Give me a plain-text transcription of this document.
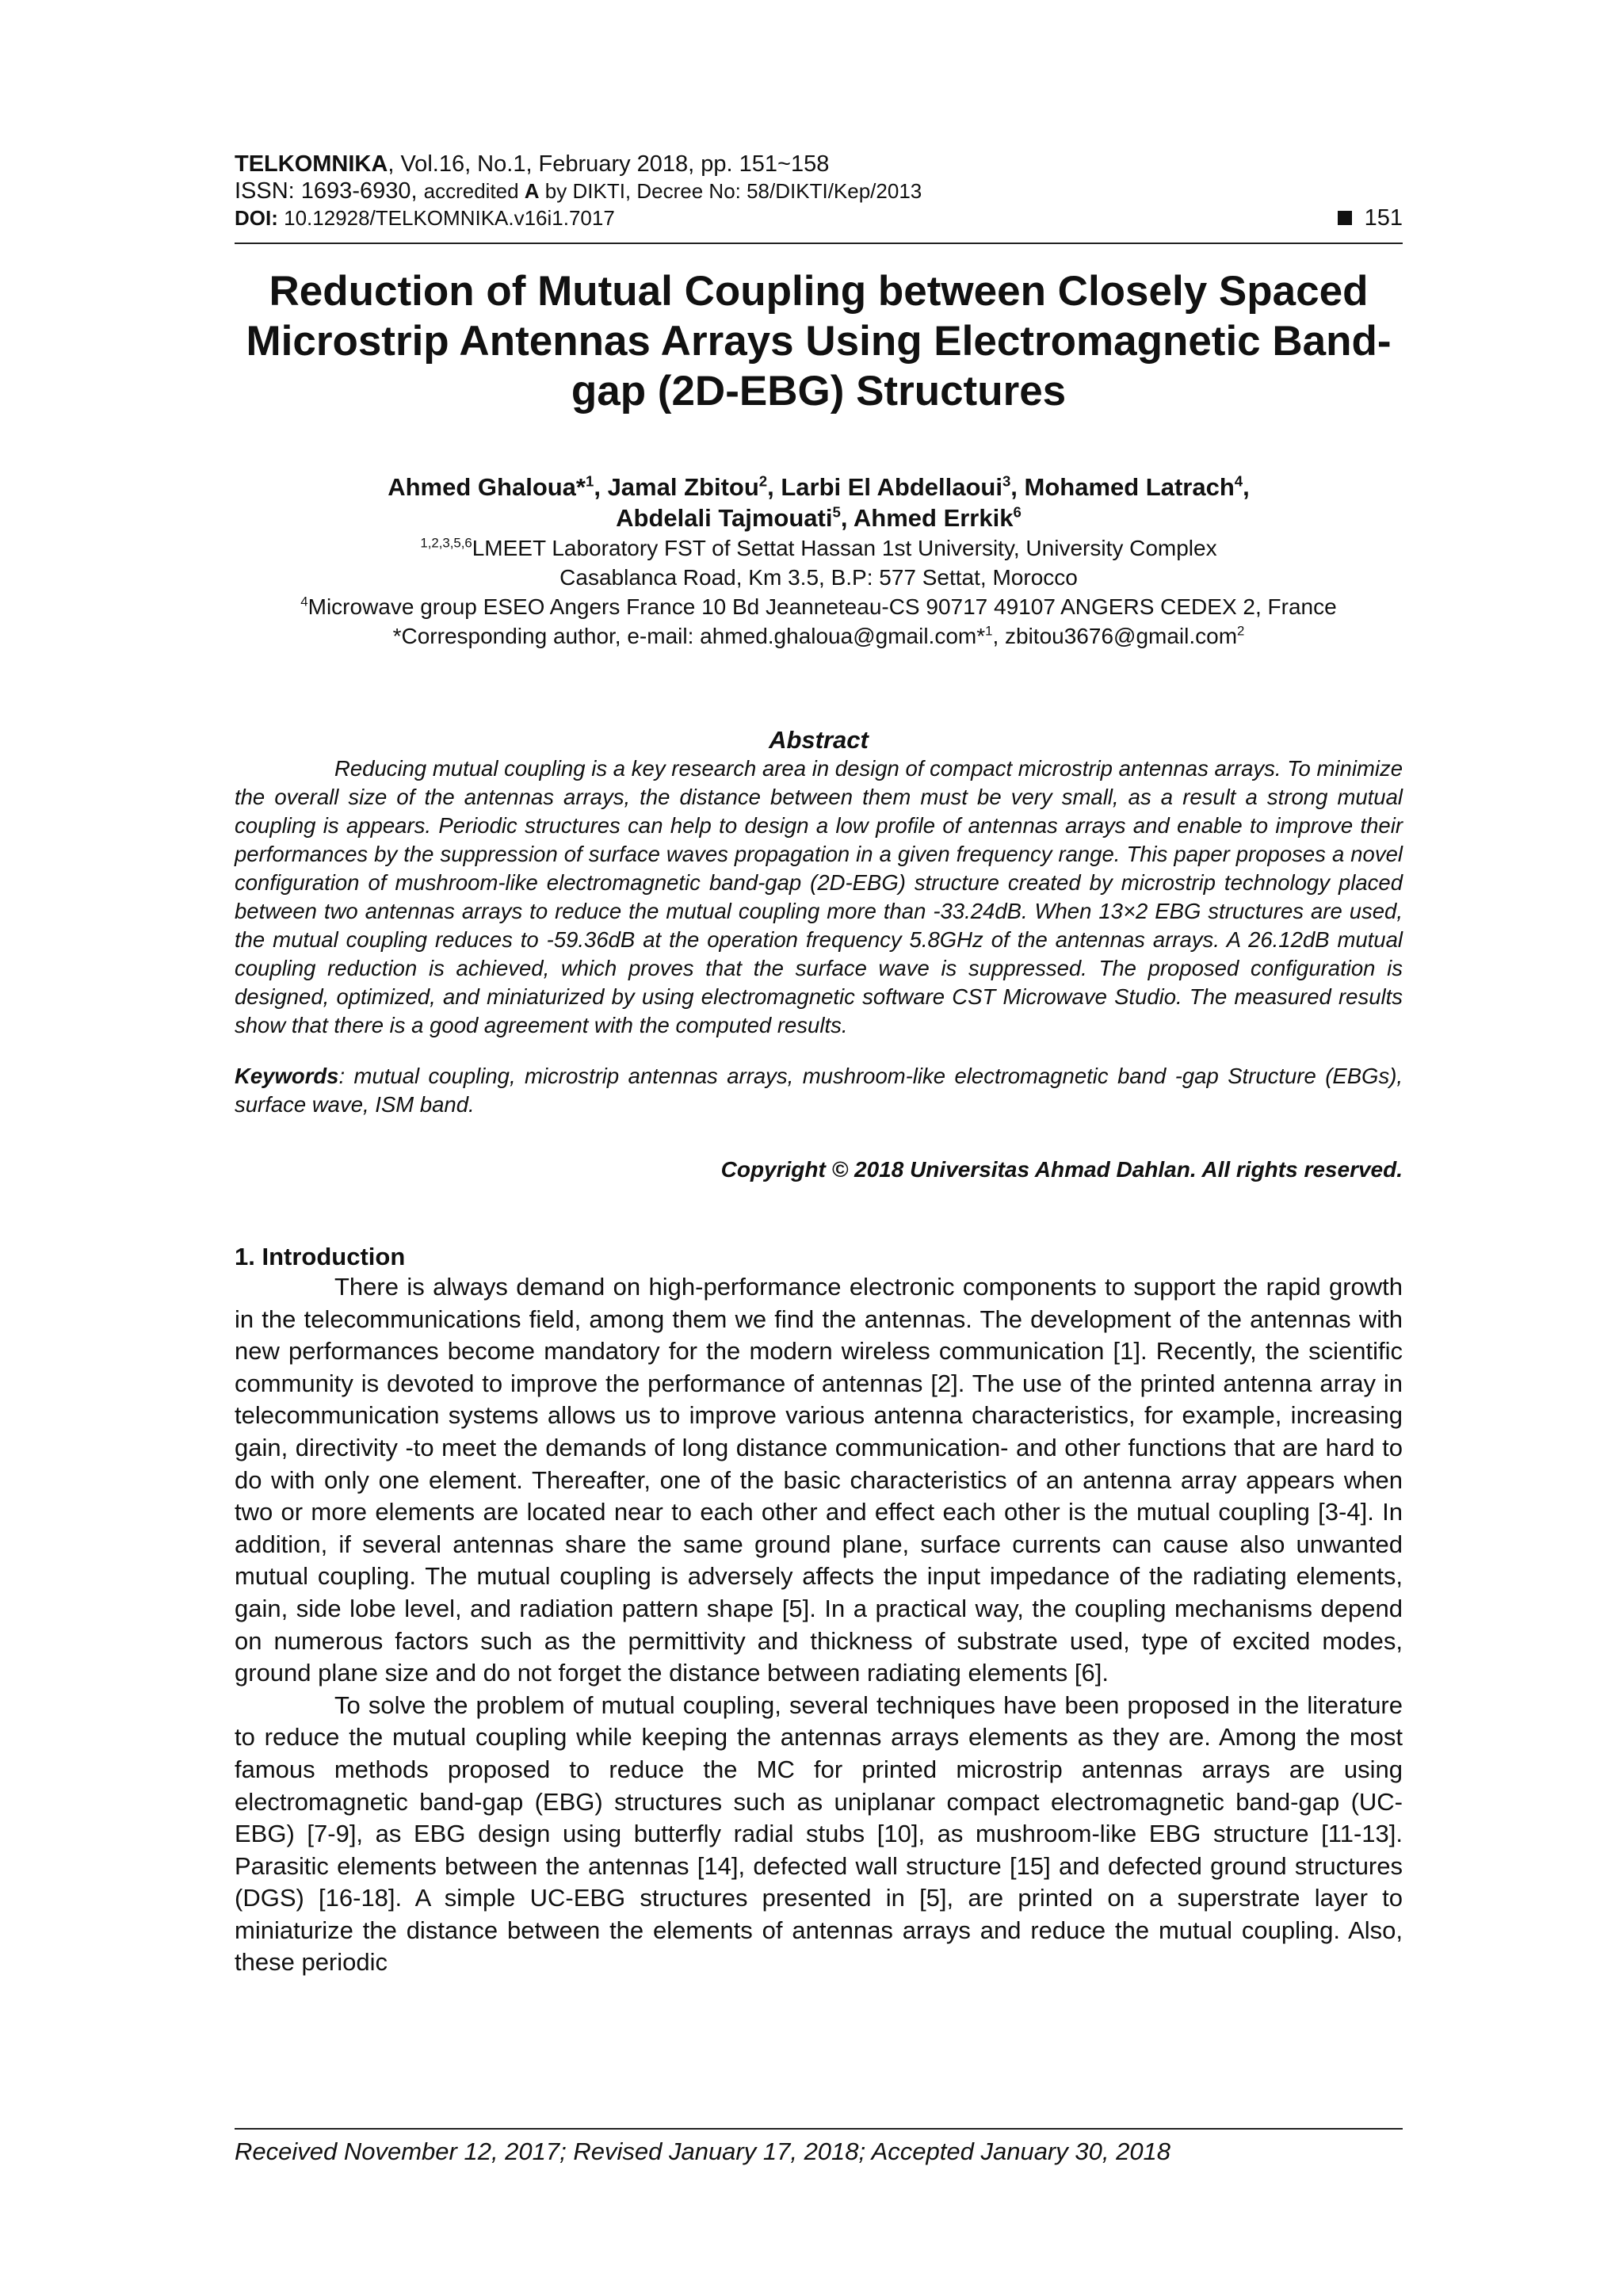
TELKOMNIKA, Vol.16, No.1, February 2018, pp. 151~158
ISSN: 1693-6930, accredited A by DIKTI, Decree No: 58/DIKTI/Kep/2013
DOI: 10.12928/TELKOMNIKA.v16i1.7017	151
Reduction of Mutual Coupling between Closely Spaced Microstrip Antennas Arrays Using Electromagnetic Band-gap (2D-EBG) Structures
Ahmed Ghaloua*$^1$, Jamal Zbitou$^2$, Larbi El Abdellaoui$^3$, Mohamed Latrach$^4$,
Abdelali Tajmouati$^5$, Ahmed Errkik$^6$
$^{1,2,3,5,6}$LMEET Laboratory FST of Settat Hassan 1st University, University Complex
Casablanca Road, Km 3.5, B.P: 577 Settat, Morocco
$^4$Microwave group ESEO Angers France 10 Bd Jeanneteau-CS 90717 49107 ANGERS CEDEX 2, France
*Corresponding author, e-mail: ahmed.ghaloua@gmail.com*$^1$, zbitou3676@gmail.com$^2$
Abstract

Reducing mutual coupling is a key research area in design of compact microstrip antennas arrays. To minimize the overall size of the antennas arrays, the distance between them must be very small, as a result a strong mutual coupling is appears. Periodic structures can help to design a low profile of antennas arrays and enable to improve their performances by the suppression of surface waves propagation in a given frequency range. This paper proposes a novel configuration of mushroom-like electromagnetic band-gap (2D-EBG) structure created by microstrip technology placed between two antennas arrays to reduce the mutual coupling more than -33.24dB. When 13×2 EBG structures are used, the mutual coupling reduces to -59.36dB at the operation frequency 5.8GHz of the antennas arrays. A 26.12dB mutual coupling reduction is achieved, which proves that the surface wave is suppressed. The proposed configuration is designed, optimized, and miniaturized by using electromagnetic software CST Microwave Studio. The measured results show that there is a good agreement with the computed results.

Keywords: mutual coupling, microstrip antennas arrays, mushroom-like electromagnetic band -gap Structure (EBGs), surface wave, ISM band.

Copyright © 2018 Universitas Ahmad Dahlan. All rights reserved.
1. Introduction

There is always demand on high-performance electronic components to support the rapid growth in the telecommunications field, among them we find the antennas. The development of the antennas with new performances become mandatory for the modern wireless communication [1]. Recently, the scientific community is devoted to improve the performance of antennas [2]. The use of the printed antenna array in telecommunication systems allows us to improve various antenna characteristics, for example, increasing gain, directivity -to meet the demands of long distance communication- and other functions that are hard to do with only one element. Thereafter, one of the basic characteristics of an antenna array appears when two or more elements are located near to each other and effect each other is the mutual coupling [3-4]. In addition, if several antennas share the same ground plane, surface currents can cause also unwanted mutual coupling. The mutual coupling is adversely affects the input impedance of the radiating elements, gain, side lobe level, and radiation pattern shape [5]. In a practical way, the coupling mechanisms depend on numerous factors such as the permittivity and thickness of substrate used, type of excited modes, ground plane size and do not forget the distance between radiating elements [6].

To solve the problem of mutual coupling, several techniques have been proposed in the literature to reduce the mutual coupling while keeping the antennas arrays elements as they are. Among the most famous methods proposed to reduce the MC for printed microstrip antennas arrays are using electromagnetic band-gap (EBG) structures such as uniplanar compact electromagnetic band-gap (UC-EBG) [7-9], as EBG design using butterfly radial stubs [10], as mushroom-like EBG structure [11-13]. Parasitic elements between the antennas [14], defected wall structure [15] and defected ground structures (DGS) [16-18]. A simple UC-EBG structures presented in [5], are printed on a superstrate layer to miniaturize the distance between the elements of antennas arrays and reduce the mutual coupling. Also, these periodic

Received November 12, 2017; Revised January 17, 2018; Accepted January 30, 2018
